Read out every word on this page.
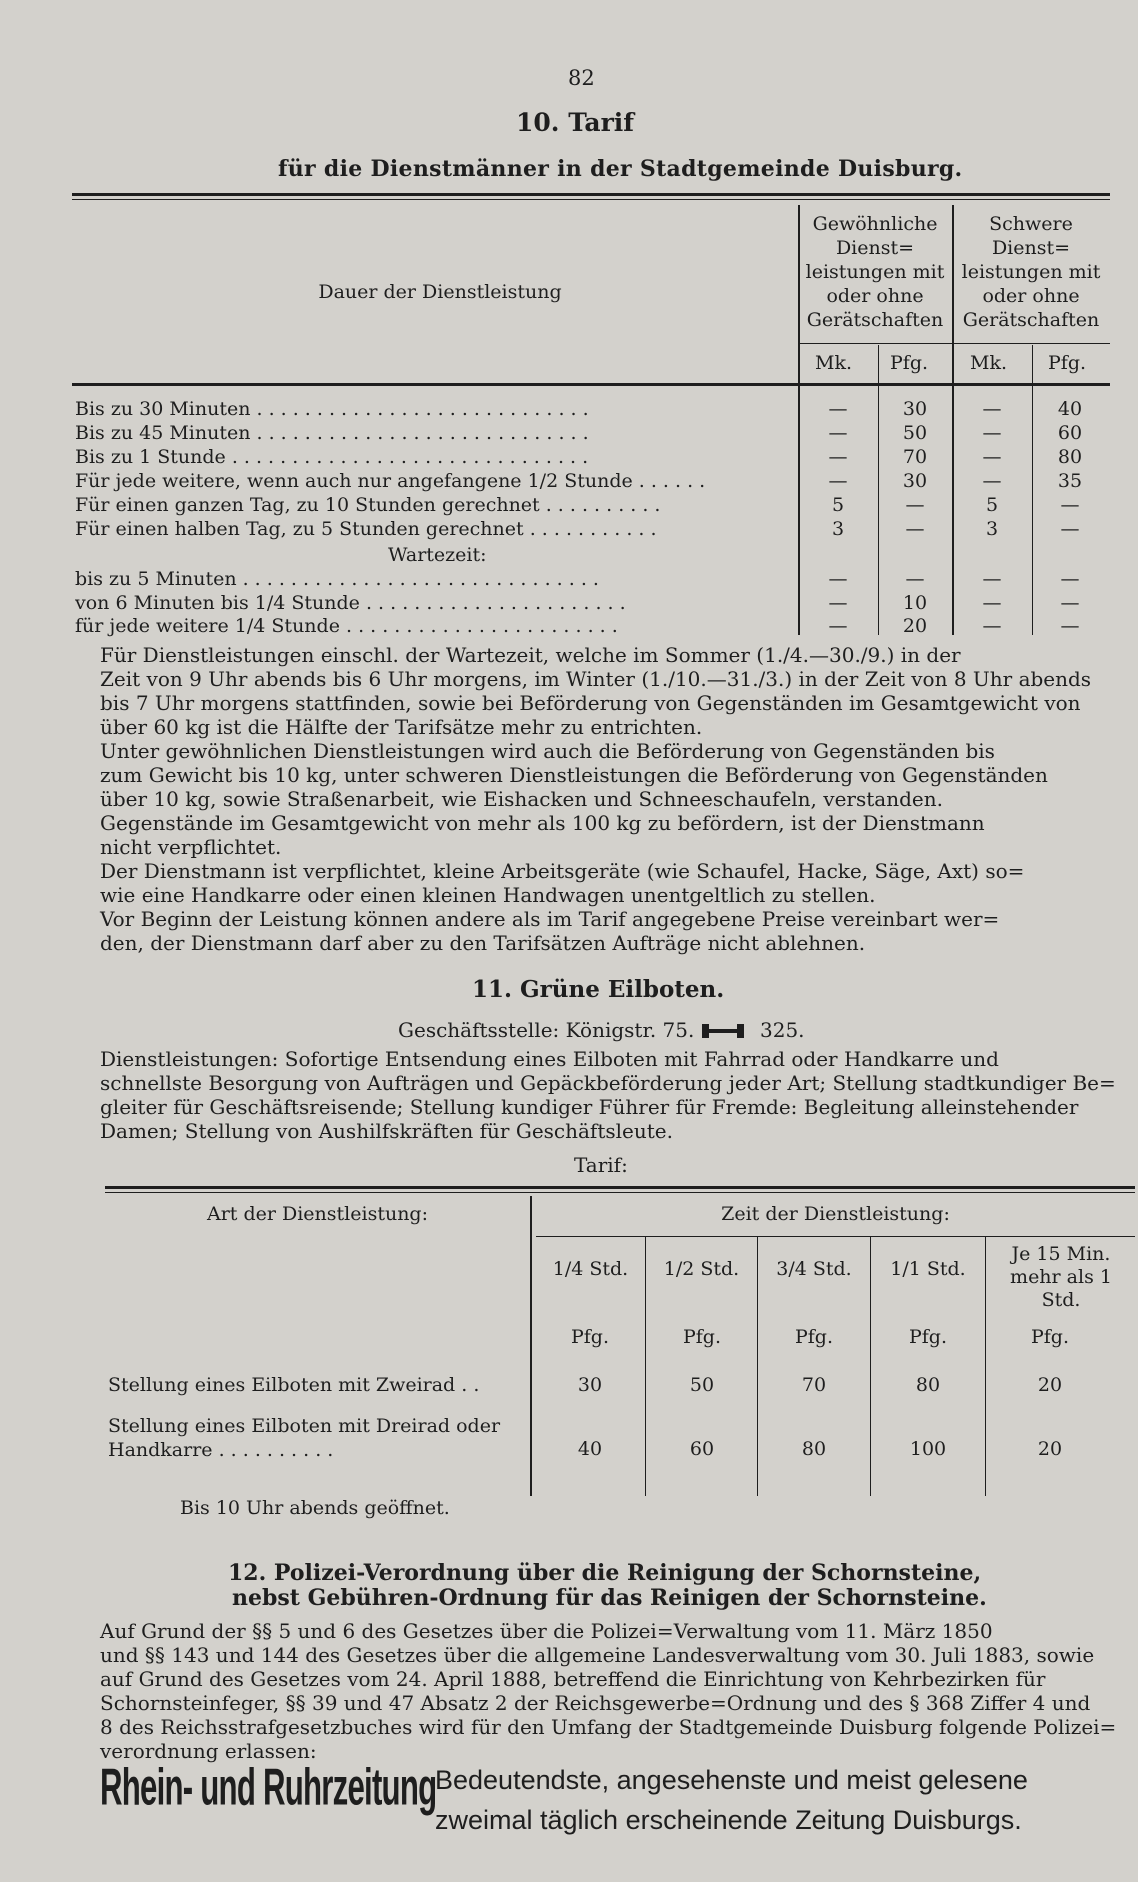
82
10. Tarif
für die Dienstmänner in der Stadtgemeinde Duisburg.
Dauer der Dienstleistung
Gewöhnliche
Dienst=
leistungen mit
oder ohne
Gerätschaften
Schwere
Dienst=
leistungen mit
oder ohne
Gerätschaften
Mk. Pfg. Mk. Pfg.
Bis zu 30 Minuten . . . . . . . . . . . . . . . . . . . . . . . . . . . .	—	30	—	40
Bis zu 45 Minuten . . . . . . . . . . . . . . . . . . . . . . . . . . . .	—	50	—	60
Bis zu 1 Stunde . . . . . . . . . . . . . . . . . . . . . . . . . . . . . .	—	70	—	80
Für jede weitere, wenn auch nur angefangene 1/2 Stunde . . . . . .	—	30	—	35
Für einen ganzen Tag, zu 10 Stunden gerechnet . . . . . . . . . .	5	—	5	—
Für einen halben Tag, zu 5 Stunden gerechnet . . . . . . . . . . .	3	—	3	—
Wartezeit:
bis zu 5 Minuten . . . . . . . . . . . . . . . . . . . . . . . . . . . . . .	—	—	—	—
von 6 Minuten bis 1/4 Stunde . . . . . . . . . . . . . . . . . . . . . .	—	10	—	—
für jede weitere 1/4 Stunde . . . . . . . . . . . . . . . . . . . . . . .	—	20	—	—
Für Dienstleistungen einschl. der Wartezeit, welche im Sommer (1./4.—30./9.) in der
Zeit von 9 Uhr abends bis 6 Uhr morgens, im Winter (1./10.—31./3.) in der Zeit von 8 Uhr abends
bis 7 Uhr morgens stattfinden, sowie bei Beförderung von Gegenständen im Gesamtgewicht von
über 60 kg ist die Hälfte der Tarifsätze mehr zu entrichten.
Unter gewöhnlichen Dienstleistungen wird auch die Beförderung von Gegenständen bis
zum Gewicht bis 10 kg, unter schweren Dienstleistungen die Beförderung von Gegenständen
über 10 kg, sowie Straßenarbeit, wie Eishacken und Schneeschaufeln, verstanden.
Gegenstände im Gesamtgewicht von mehr als 100 kg zu befördern, ist der Dienstmann
nicht verpflichtet.
Der Dienstmann ist verpflichtet, kleine Arbeitsgeräte (wie Schaufel, Hacke, Säge, Axt) so=
wie eine Handkarre oder einen kleinen Handwagen unentgeltlich zu stellen.
Vor Beginn der Leistung können andere als im Tarif angegebene Preise vereinbart wer=
den, der Dienstmann darf aber zu den Tarifsätzen Aufträge nicht ablehnen.
11. Grüne Eilboten.
Geschäftsstelle: Königstr. 75.	325.
Dienstleistungen: Sofortige Entsendung eines Eilboten mit Fahrrad oder Handkarre und
schnellste Besorgung von Aufträgen und Gepäckbeförderung jeder Art; Stellung stadtkundiger Be=
gleiter für Geschäftsreisende; Stellung kundiger Führer für Fremde: Begleitung alleinstehender
Damen; Stellung von Aushilfskräften für Geschäftsleute.
Tarif:
Art der Dienstleistung:	Zeit der Dienstleistung:
1/4 Std.	1/2 Std.	3/4 Std.	1/1 Std.
Je 15 Min. mehr als 1 Std.
Pfg.	Pfg.	Pfg.	Pfg.	Pfg.
Stellung eines Eilboten mit Zweirad . .	30	50	70	80	20
Stellung eines Eilboten mit Dreirad oder Handkarre . . . . . . . . . .	40	60	80	100	20
Bis 10 Uhr abends geöffnet.
12. Polizei-Verordnung über die Reinigung der Schornsteine,
nebst Gebühren-Ordnung für das Reinigen der Schornsteine.
Auf Grund der §§ 5 und 6 des Gesetzes über die Polizei=Verwaltung vom 11. März 1850
und §§ 143 und 144 des Gesetzes über die allgemeine Landesverwaltung vom 30. Juli 1883, sowie
auf Grund des Gesetzes vom 24. April 1888, betreffend die Einrichtung von Kehrbezirken für
Schornsteinfeger, §§ 39 und 47 Absatz 2 der Reichsgewerbe=Ordnung und des § 368 Ziffer 4 und
8 des Reichsstrafgesetzbuches wird für den Umfang der Stadtgemeinde Duisburg folgende Polizei=
verordnung erlassen:
Rhein- und Ruhrzeitung
Bedeutendste, angesehenste und meist gelesene
zweimal täglich erscheinende Zeitung Duisburgs.
